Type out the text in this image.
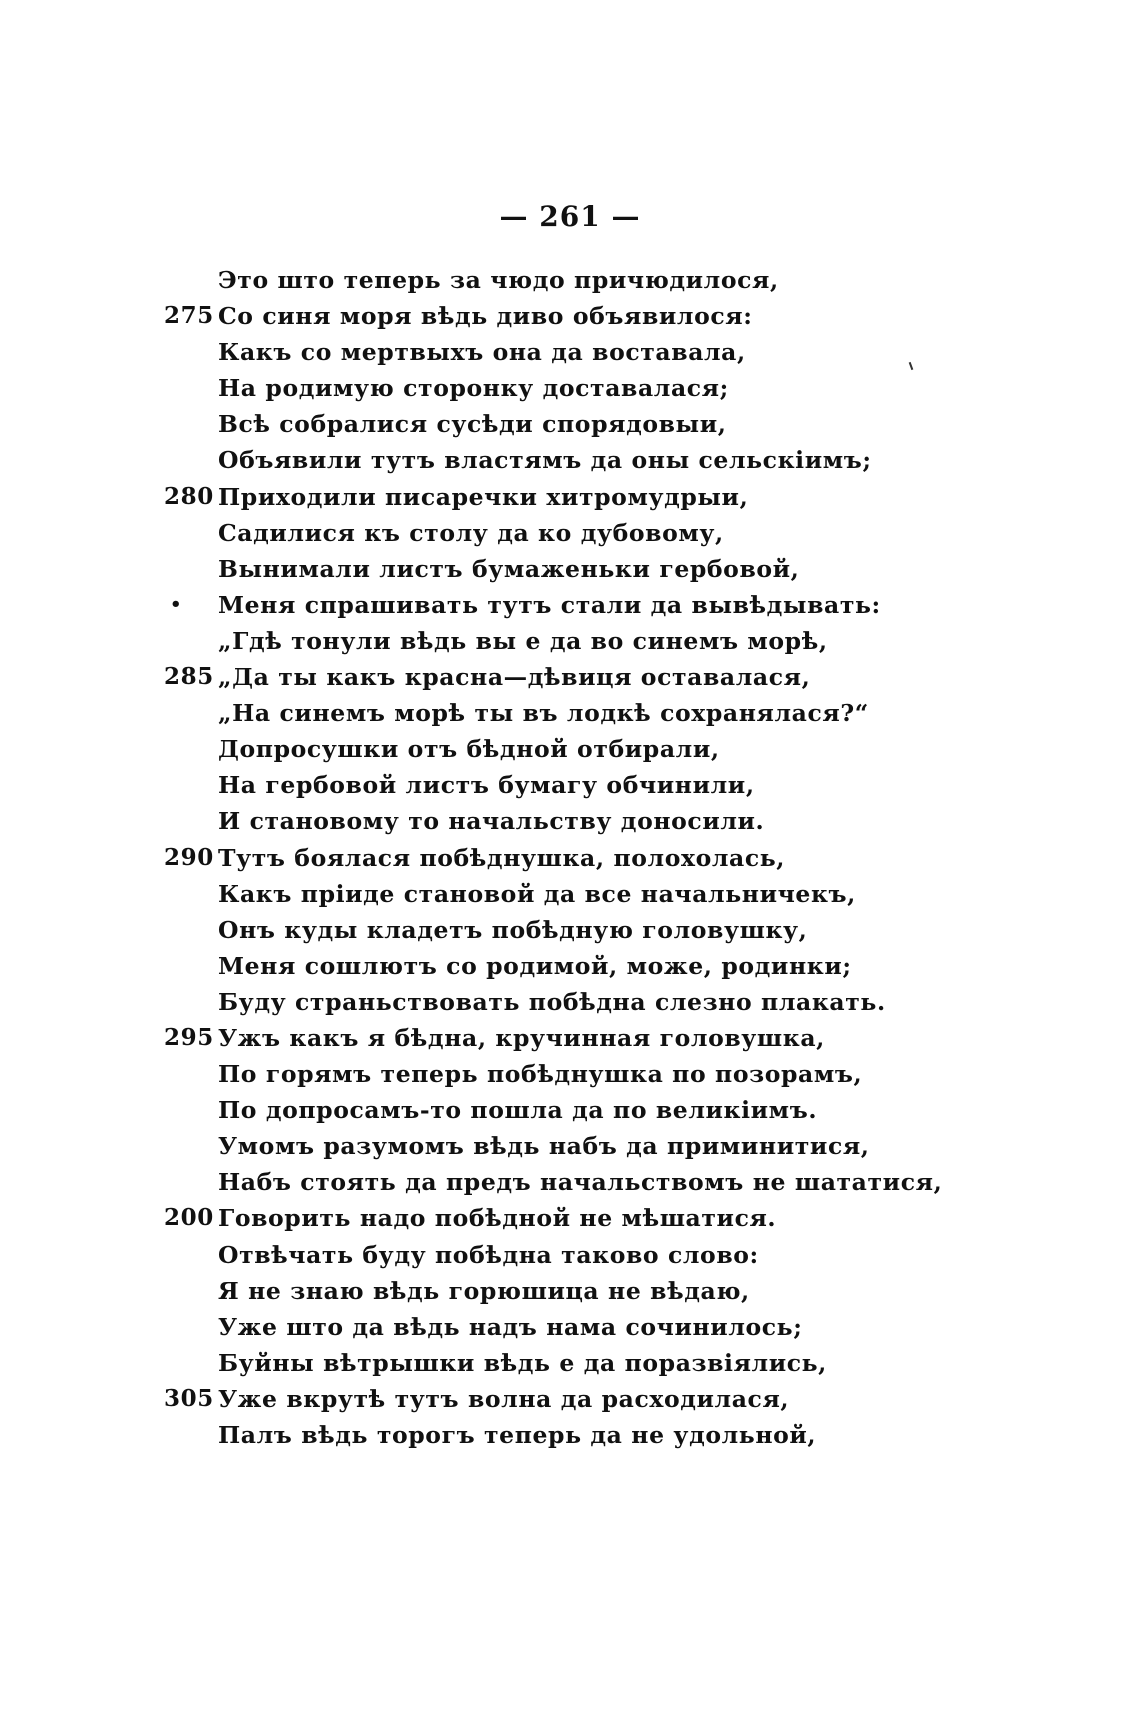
— 261 —
Это што теперь за чюдо причюдилося,
275 Со синя моря вѣдь диво объявилося:
Какъ со мертвыхъ она да воставала,
На родимую сторонку доставалася;
Всѣ собралися сусѣди спорядовыи,
Объявили тутъ властямъ да оны сельскіимъ;
280 Приходили писаречки хитромудрыи,
Садилися къ столу да ко дубовому,
Вынимали листъ бумаженьки гербовой,
• Меня спрашивать тутъ стали да вывѣдывать:
„Гдѣ тонули вѣдь вы е да во синемъ морѣ,
285 „Да ты какъ красна—дѣвиця оставалася,
„На синемъ морѣ ты въ лодкѣ сохранялася?“
Допросушки отъ бѣдной отбирали,
На гербовой листъ бумагу обчинили,
И становому то начальству доносили.
290 Тутъ боялася побѣднушка, полохолась,
Какъ пріиде становой да все начальничекъ,
Онъ куды кладетъ побѣдную головушку,
Меня сошлютъ со родимой, може, родинки;
Буду страньствовать побѣдна слезно плакать.
295 Ужъ какъ я бѣдна, кручинная головушка,
По горямъ теперь побѣднушка по позорамъ,
По допросамъ-то пошла да по великіимъ.
Умомъ разумомъ вѣдь набъ да приминитися,
Набъ стоять да предъ начальствомъ не шататися,
200 Говорить надо побѣдной не мѣшатися.
Отвѣчать буду побѣдна таково слово:
Я не знаю вѣдь горюшица не вѣдаю,
Уже што да вѣдь надъ нама сочинилось;
Буйны вѣтрышки вѣдь е да поразвіялись,
305 Уже вкрутѣ тутъ волна да расходилася,
Палъ вѣдь торогъ теперь да не удольной,
